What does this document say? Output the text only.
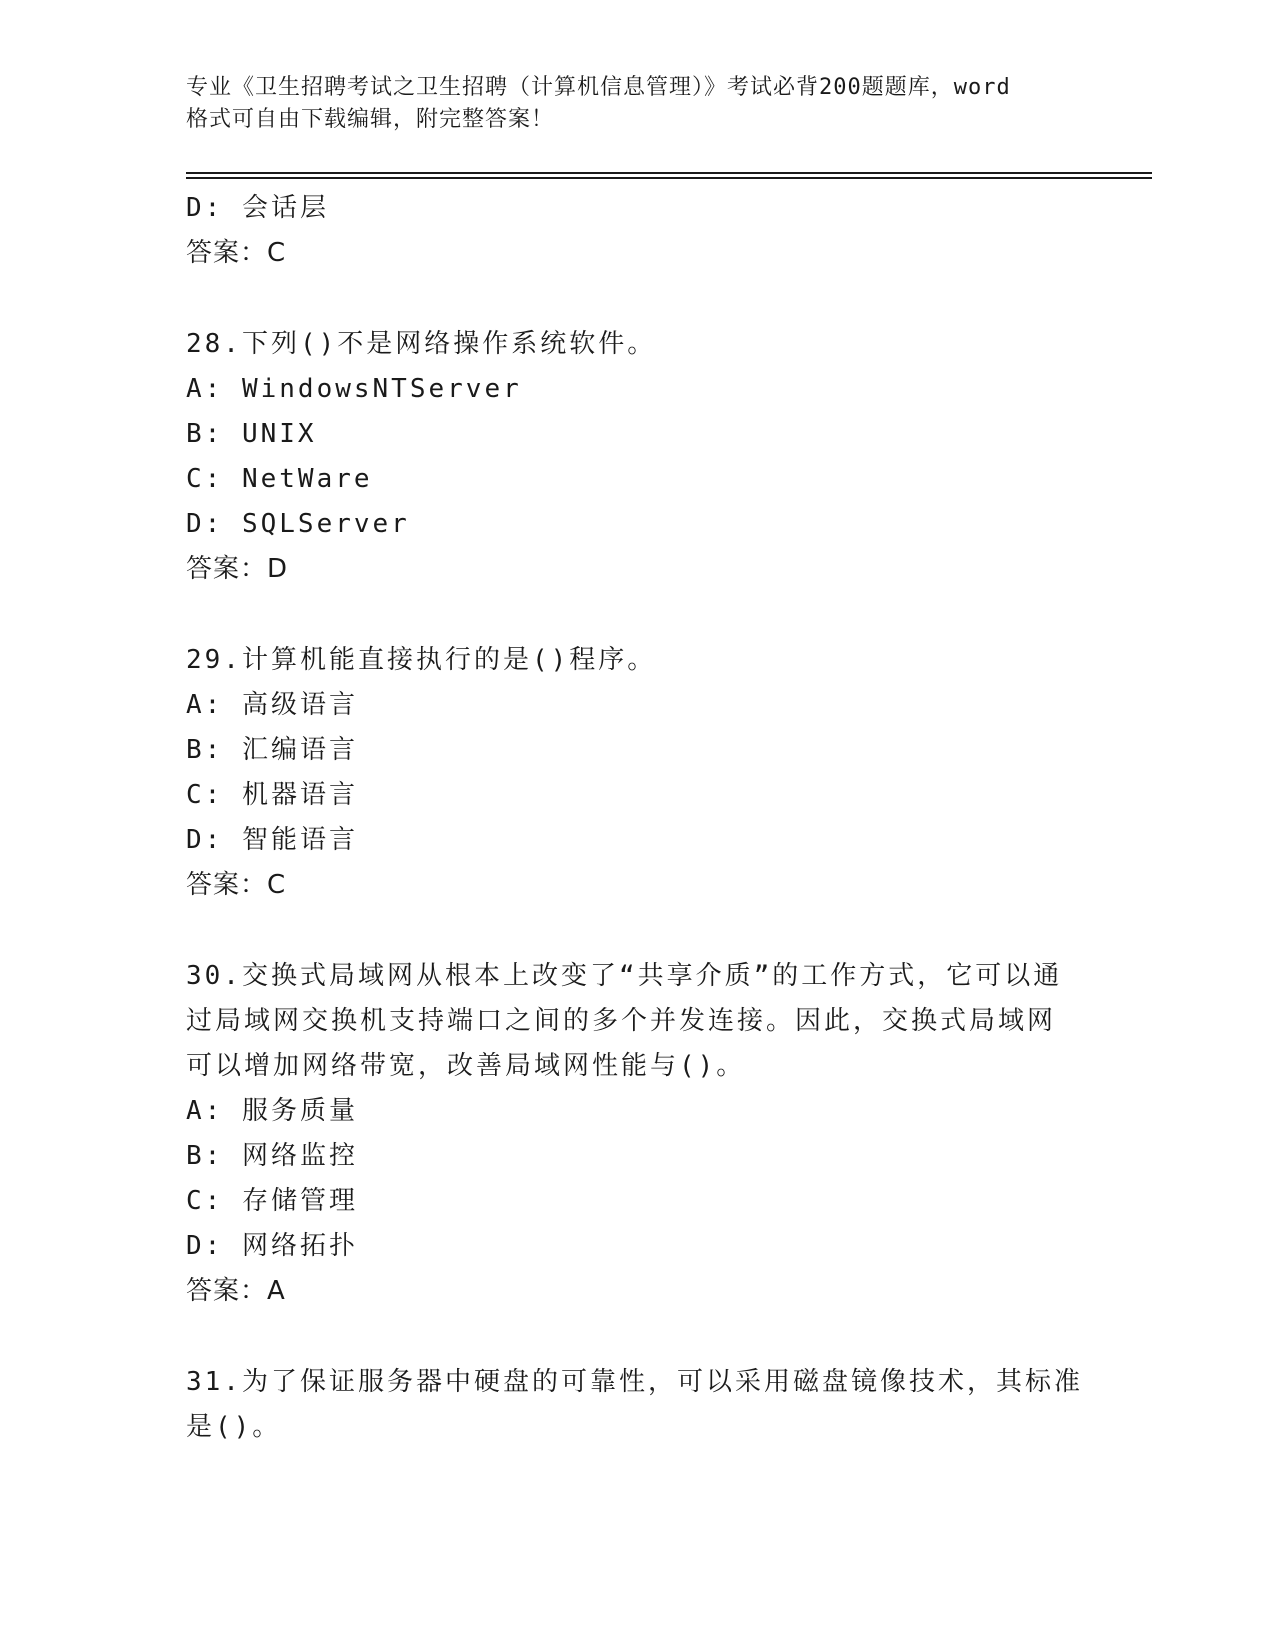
专业《卫生招聘考试之卫生招聘（计算机信息管理）》考试必背200题题库，word
格式可自由下载编辑，附完整答案！
D: 会话层
答案：C
28.下列()不是网络操作系统软件。
A: WindowsNTServer
B: UNIX
C: NetWare
D: SQLServer
答案：D
29.计算机能直接执行的是()程序。
A: 高级语言
B: 汇编语言
C: 机器语言
D: 智能语言
答案：C
30.交换式局域网从根本上改变了“共享介质”的工作方式，它可以通
过局域网交换机支持端口之间的多个并发连接。因此，交换式局域网
可以增加网络带宽，改善局域网性能与()。
A: 服务质量
B: 网络监控
C: 存储管理
D: 网络拓扑
答案：A
31.为了保证服务器中硬盘的可靠性，可以采用磁盘镜像技术，其标准
是()。
